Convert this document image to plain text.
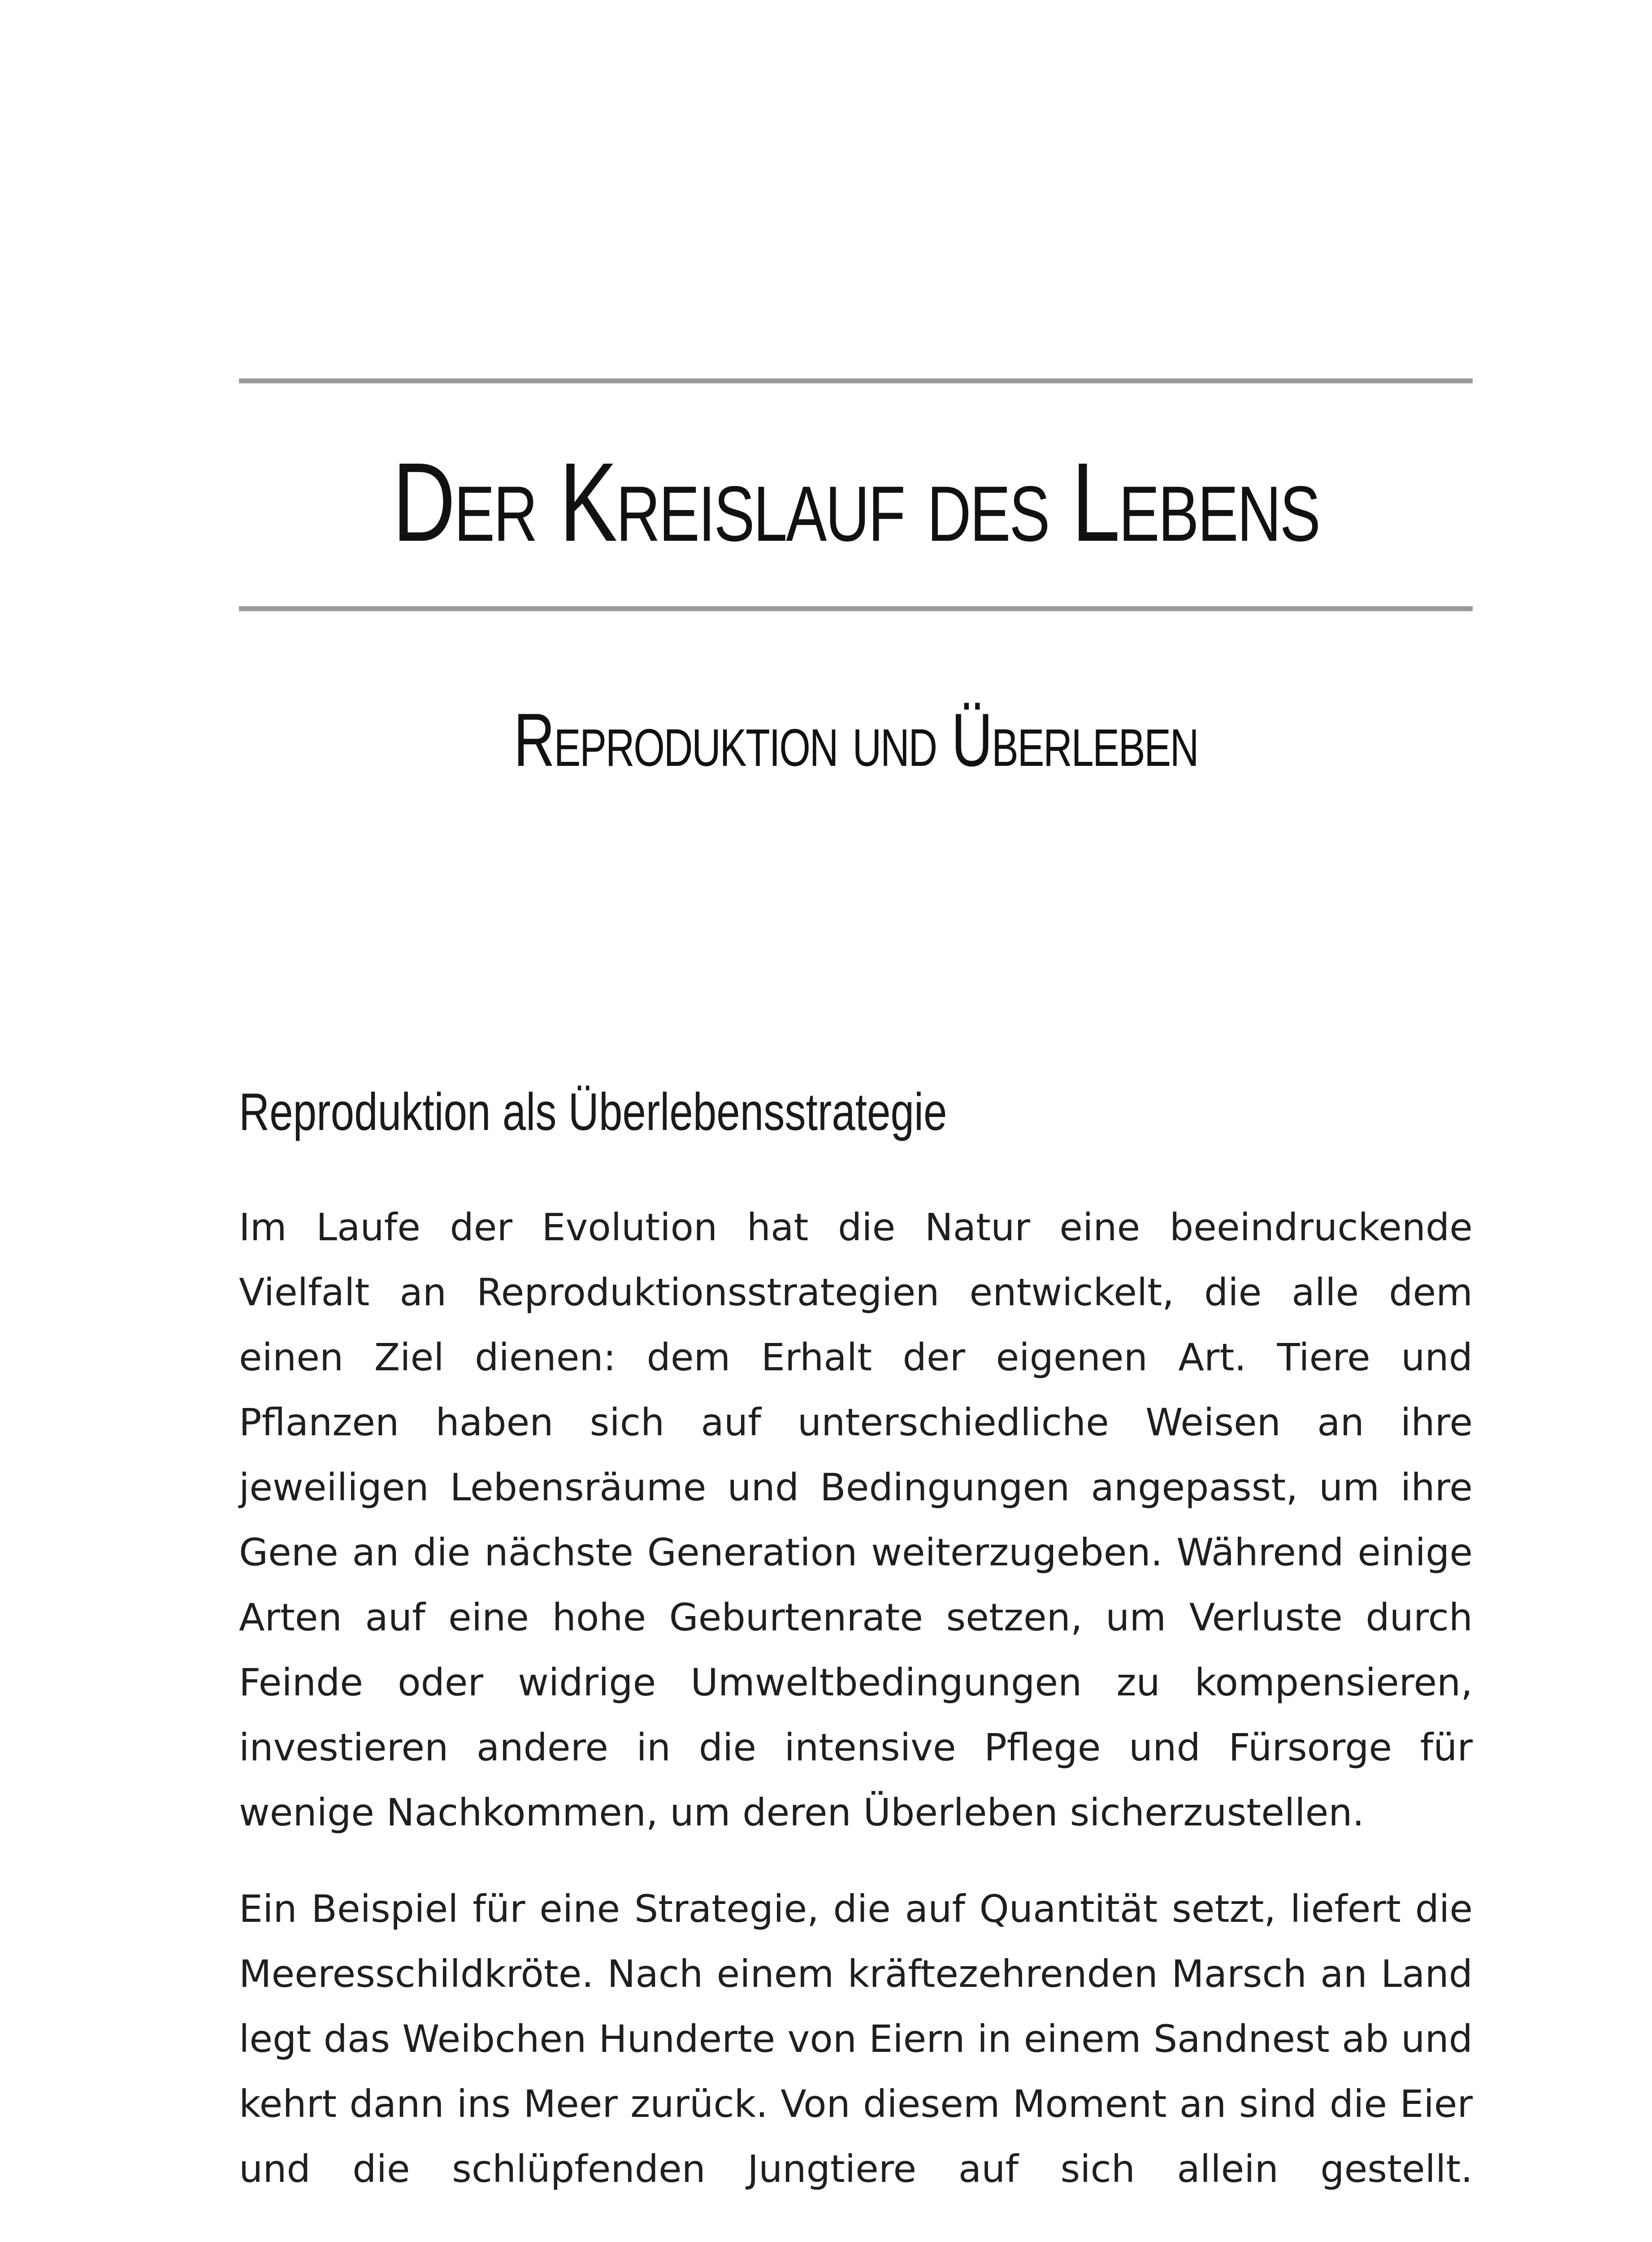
Der Kreislauf des Lebens
Reproduktion und Überleben
Reproduktion als Überlebensstrategie

Im Laufe der Evolution hat die Natur eine beeindruckende Vielfalt an Reproduktionsstrategien entwickelt, die alle dem einen Ziel dienen: dem Erhalt der eigenen Art. Tiere und Pflanzen haben sich auf unterschiedliche Weisen an ihre jeweiligen Lebensräume und Bedingungen angepasst, um ihre Gene an die nächste Generation weiterzugeben. Während einige Arten auf eine hohe Geburtenrate setzen, um Verluste durch Feinde oder widrige Umweltbedingungen zu kompensieren, investieren andere in die intensive Pflege und Fürsorge für wenige Nachkommen, um deren Überleben sicherzustellen.

Ein Beispiel für eine Strategie, die auf Quantität setzt, liefert die Meeresschildkröte. Nach einem kräftezehrenden Marsch an Land legt das Weibchen Hunderte von Eiern in einem Sandnest ab und kehrt dann ins Meer zurück. Von diesem Moment an sind die Eier und die schlüpfenden Jungtiere auf sich allein gestellt.
